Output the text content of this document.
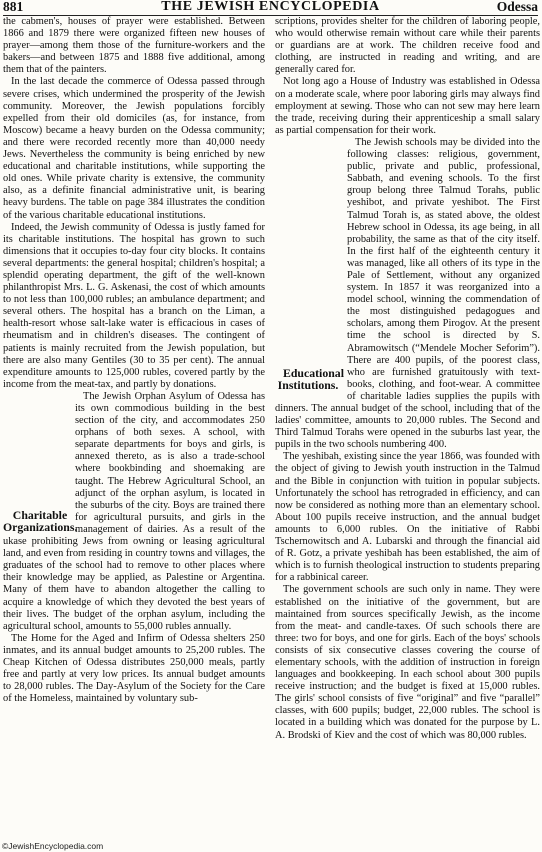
881	THE JEWISH ENCYCLOPEDIA	Odessa

the cabmen's, houses of prayer were established. Between 1866 and 1879 there were organized fifteen new houses of prayer—among them those of the furniture-workers and the bakers—and between 1875 and 1888 five additional, among them that of the painters.

In the last decade the commerce of Odessa passed through severe crises, which undermined the prosperity of the Jewish community. Moreover, the Jewish populations forcibly expelled from their old domiciles (as, for instance, from Moscow) became a heavy burden on the Odessa community; and there were recorded recently more than 40,000 needy Jews. Nevertheless the community is being enriched by new educational and charitable institutions, while supporting the old ones. While private charity is extensive, the community also, as a definite financial administrative unit, is bearing heavy burdens. The table on page 384 illustrates the condition of the various charitable educational institutions.

Indeed, the Jewish community of Odessa is justly famed for its charitable institutions. The hospital has grown to such dimensions that it occupies to-day four city blocks. It contains several departments: the general hospital; children's hospital; a splendid operating department, the gift of the well-known philanthropist Mrs. L. G. Askenasi, the cost of which amounts to not less than 100,000 rubles; an ambulance department; and several others. The hospital has a branch on the Liman, a health-resort whose salt-lake water is efficacious in cases of rheumatism and in children's diseases. The contingent of patients is mainly recruited from the Jewish population, but there are also many Gentiles (30 to 35 per cent). The annual expenditure amounts to 125,000 rubles, covered partly by the income from the meat-tax, and partly by donations.

Charitable Organizations.
The Jewish Orphan Asylum of Odessa has its own commodious building in the best section of the city, and accommodates 250 orphans of both sexes. A school, with separate departments for boys and girls, is annexed thereto, as is also a trade-school where bookbinding and shoemaking are taught. The Hebrew Agricultural School, an adjunct of the orphan asylum, is located in the suburbs of the city. Boys are trained there for agricultural pursuits, and girls in the management of dairies. As a result of the ukase prohibiting Jews from owning or leasing agricultural land, and even from residing in country towns and villages, the graduates of the school had to remove to other places where their knowledge may be applied, as Palestine or Argentina. Many of them have to abandon altogether the calling to acquire a knowledge of which they devoted the best years of their lives. The budget of the orphan asylum, including the agricultural school, amounts to 55,000 rubles annually.

The Home for the Aged and Infirm of Odessa shelters 250 inmates, and its annual budget amounts to 25,200 rubles. The Cheap Kitchen of Odessa distributes 250,000 meals, partly free and partly at very low prices. Its annual budget amounts to 28,000 rubles. The Day-Asylum of the Society for the Care of the Homeless, maintained by voluntary sub-

scriptions, provides shelter for the children of laboring people, who would otherwise remain without care while their parents or guardians are at work. The children receive food and clothing, are instructed in reading and writing, and are generally cared for.

Not long ago a House of Industry was established in Odessa on a moderate scale, where poor laboring girls may always find employment at sewing. Those who can not sew may here learn the trade, receiving during their apprenticeship a small salary as partial compensation for their work.

Educational Institutions.
The Jewish schools may be divided into the following classes: religious, government, public, private and public, professional, Sabbath, and evening schools. To the first group belong three Talmud Torahs, public yeshibot, and private yeshibot. The First Talmud Torah is, as stated above, the oldest Hebrew school in Odessa, its age being, in all probability, the same as that of the city itself. In the first half of the eighteenth century it was managed, like all others of its type in the Pale of Settlement, without any organized system. In 1857 it was reorganized into a model school, winning the commendation of the most distinguished pedagogues and scholars, among them Pirogov. At the present time the school is directed by S. Abramowitsch (“Mendele Mocher Seforim”). There are 400 pupils, of the poorest class, who are furnished gratuitously with text-books, clothing, and foot-wear. A committee of charitable ladies supplies the pupils with dinners. The annual budget of the school, including that of the ladies' committee, amounts to 20,000 rubles. The Second and Third Talmud Torahs were opened in the suburbs last year, the pupils in the two schools numbering 400.

The yeshibah, existing since the year 1866, was founded with the object of giving to Jewish youth instruction in the Talmud and the Bible in conjunction with tuition in popular subjects. Unfortunately the school has retrograded in efficiency, and can now be considered as nothing more than an elementary school. About 100 pupils receive instruction, and the annual budget amounts to 6,000 rubles. On the initiative of Rabbi Tschernowitsch and A. Lubarski and through the financial aid of R. Gotz, a private yeshibah has been established, the aim of which is to furnish theological instruction to students preparing for a rabbinical career.

The government schools are such only in name. They were established on the initiative of the government, but are maintained from sources specifically Jewish, as the income from the meat- and candle-taxes. Of such schools there are three: two for boys, and one for girls. Each of the boys' schools consists of six consecutive classes covering the course of elementary schools, with the addition of instruction in foreign languages and bookkeeping. In each school about 300 pupils receive instruction; and the budget is fixed at 15,000 rubles. The girls' school consists of five “original” and five “parallel” classes, with 600 pupils; budget, 22,000 rubles. The school is located in a building which was donated for the purpose by L. A. Brodski of Kiev and the cost of which was 80,000 rubles.

©JewishEncyclopedia.com
